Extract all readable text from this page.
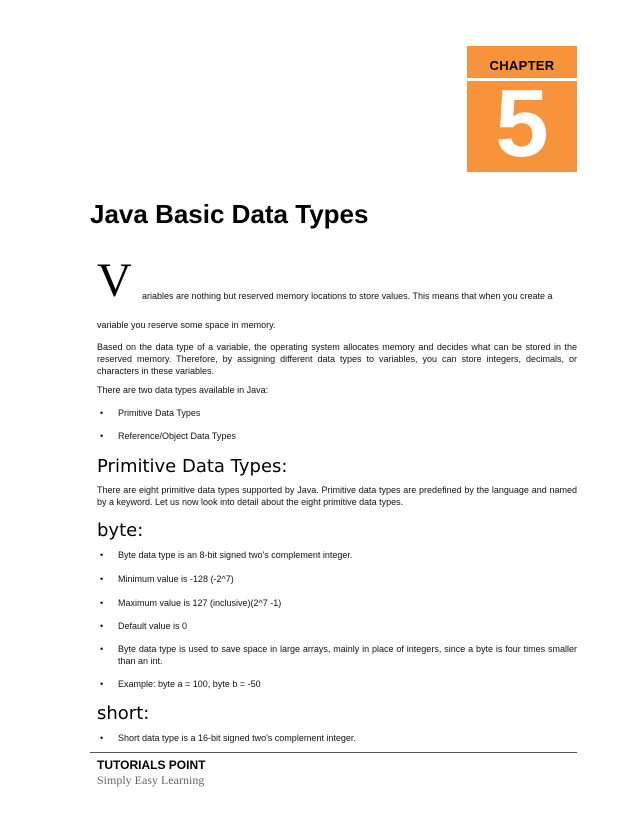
CHAPTER
5
Java Basic Data Types
V ariables are nothing but reserved memory locations to store values. This means that when you create a
variable you reserve some space in memory.

Based on the data type of a variable, the operating system allocates memory and decides what can be stored in the reserved memory. Therefore, by assigning different data types to variables, you can store integers, decimals, or characters in these variables.

There are two data types available in Java:

• Primitive Data Types
• Reference/Object Data Types
Primitive Data Types:

There are eight primitive data types supported by Java. Primitive data types are predefined by the language and named by a keyword. Let us now look into detail about the eight primitive data types.

byte:
• Byte data type is an 8-bit signed two's complement integer.
• Minimum value is -128 (-2^7)
• Maximum value is 127 (inclusive)(2^7 -1)
• Default value is 0
• Byte data type is used to save space in large arrays, mainly in place of integers, since a byte is four times smaller than an int.
• Example: byte a = 100, byte b = -50
short:
• Short data type is a 16-bit signed two's complement integer.
TUTORIALS POINT
Simply Easy Learning
